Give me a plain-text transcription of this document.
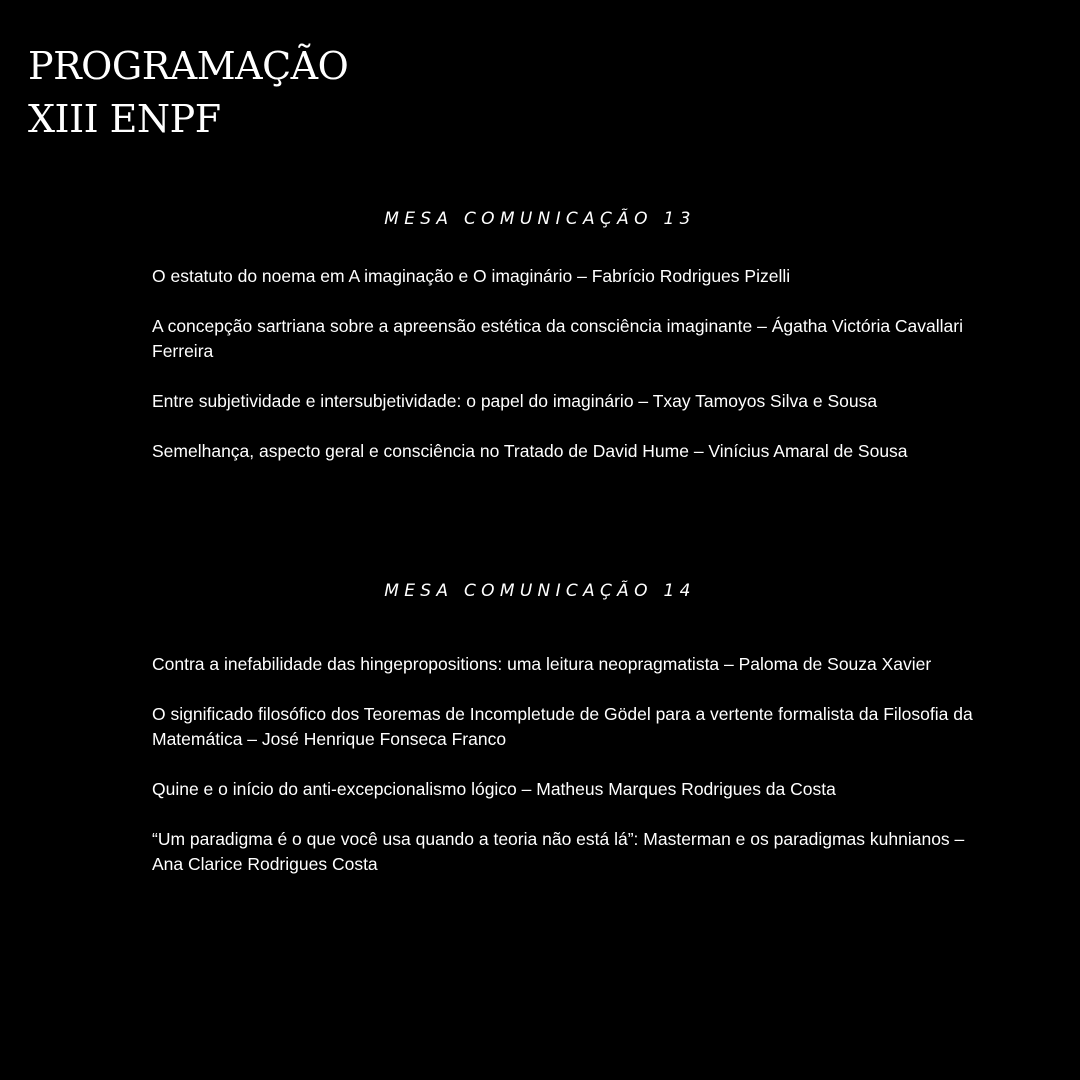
PROGRAMAÇÃO
XIII ENPF
MESA COMUNICAÇÃO 13
O estatuto do noema em A imaginação e O imaginário – Fabrício Rodrigues Pizelli
A concepção sartriana sobre a apreensão estética da consciência imaginante – Ágatha Victória Cavallari Ferreira
Entre subjetividade e intersubjetividade: o papel do imaginário – Txay Tamoyos Silva e Sousa
Semelhança, aspecto geral e consciência no Tratado de David Hume – Vinícius Amaral de Sousa
MESA COMUNICAÇÃO 14
Contra a inefabilidade das hingepropositions: uma leitura neopragmatista – Paloma de Souza Xavier
O significado filosófico dos Teoremas de Incompletude de Gödel para a vertente formalista da Filosofia da Matemática – José Henrique Fonseca Franco
Quine e o início do anti-excepcionalismo lógico – Matheus Marques Rodrigues da Costa
“Um paradigma é o que você usa quando a teoria não está lá”: Masterman e os paradigmas kuhnianos – Ana Clarice Rodrigues Costa
